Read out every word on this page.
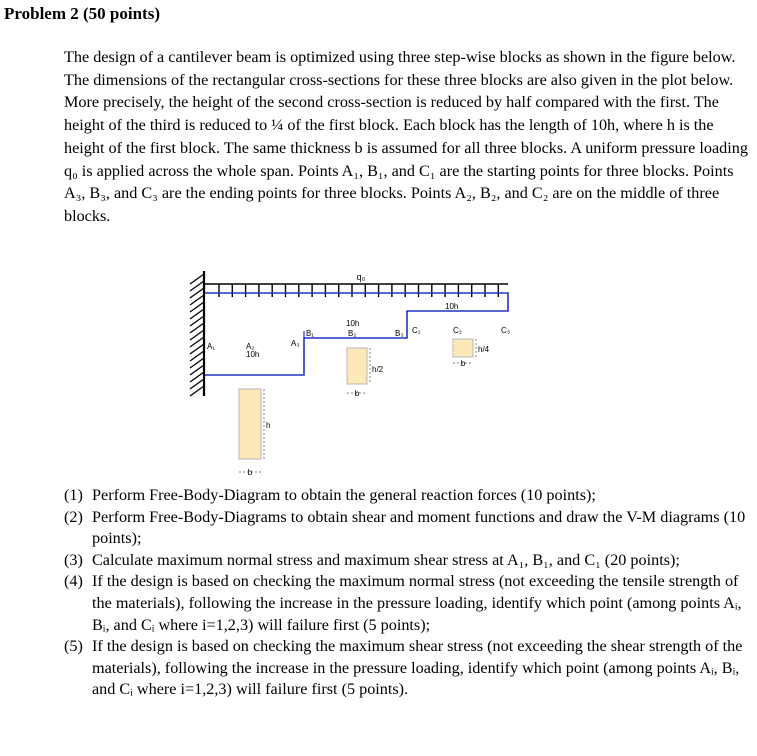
Problem 2 (50 points)

The design of a cantilever beam is optimized using three step-wise blocks as shown in the figure below. The dimensions of the rectangular cross-sections for these three blocks are also given in the plot below. More precisely, the height of the second cross-section is reduced by half compared with the first. The height of the third is reduced to ¼ of the first block. Each block has the length of 10h, where h is the height of the first block. The same thickness b is assumed for all three blocks. A uniform pressure loading q₀ is applied across the whole span. Points A₁, B₁, and C₁ are the starting points for three blocks. Points A₃, B₃, and C₃ are the ending points for three blocks. Points A₂, B₂, and C₂ are on the middle of three blocks.

q₀
A₁	A₂
10h
A₃
B₁
10h
B₂	B₃ C₁
10h
C₂	C₃
h
b
h/2
b
h/4
b
(1) Perform Free-Body-Diagram to obtain the general reaction forces (10 points);
(2) Perform Free-Body-Diagrams to obtain shear and moment functions and draw the V-M diagrams (10 points);
(3) Calculate maximum normal stress and maximum shear stress at A₁, B₁, and C₁ (20 points);
(4) If the design is based on checking the maximum normal stress (not exceeding the tensile strength of the materials), following the increase in the pressure loading, identify which point (among points Aᵢ, Bᵢ, and Cᵢ where i=1,2,3) will failure first (5 points);
(5) If the design is based on checking the maximum shear stress (not exceeding the shear strength of the materials), following the increase in the pressure loading, identify which point (among points Aᵢ, Bᵢ, and Cᵢ where i=1,2,3) will failure first (5 points).
